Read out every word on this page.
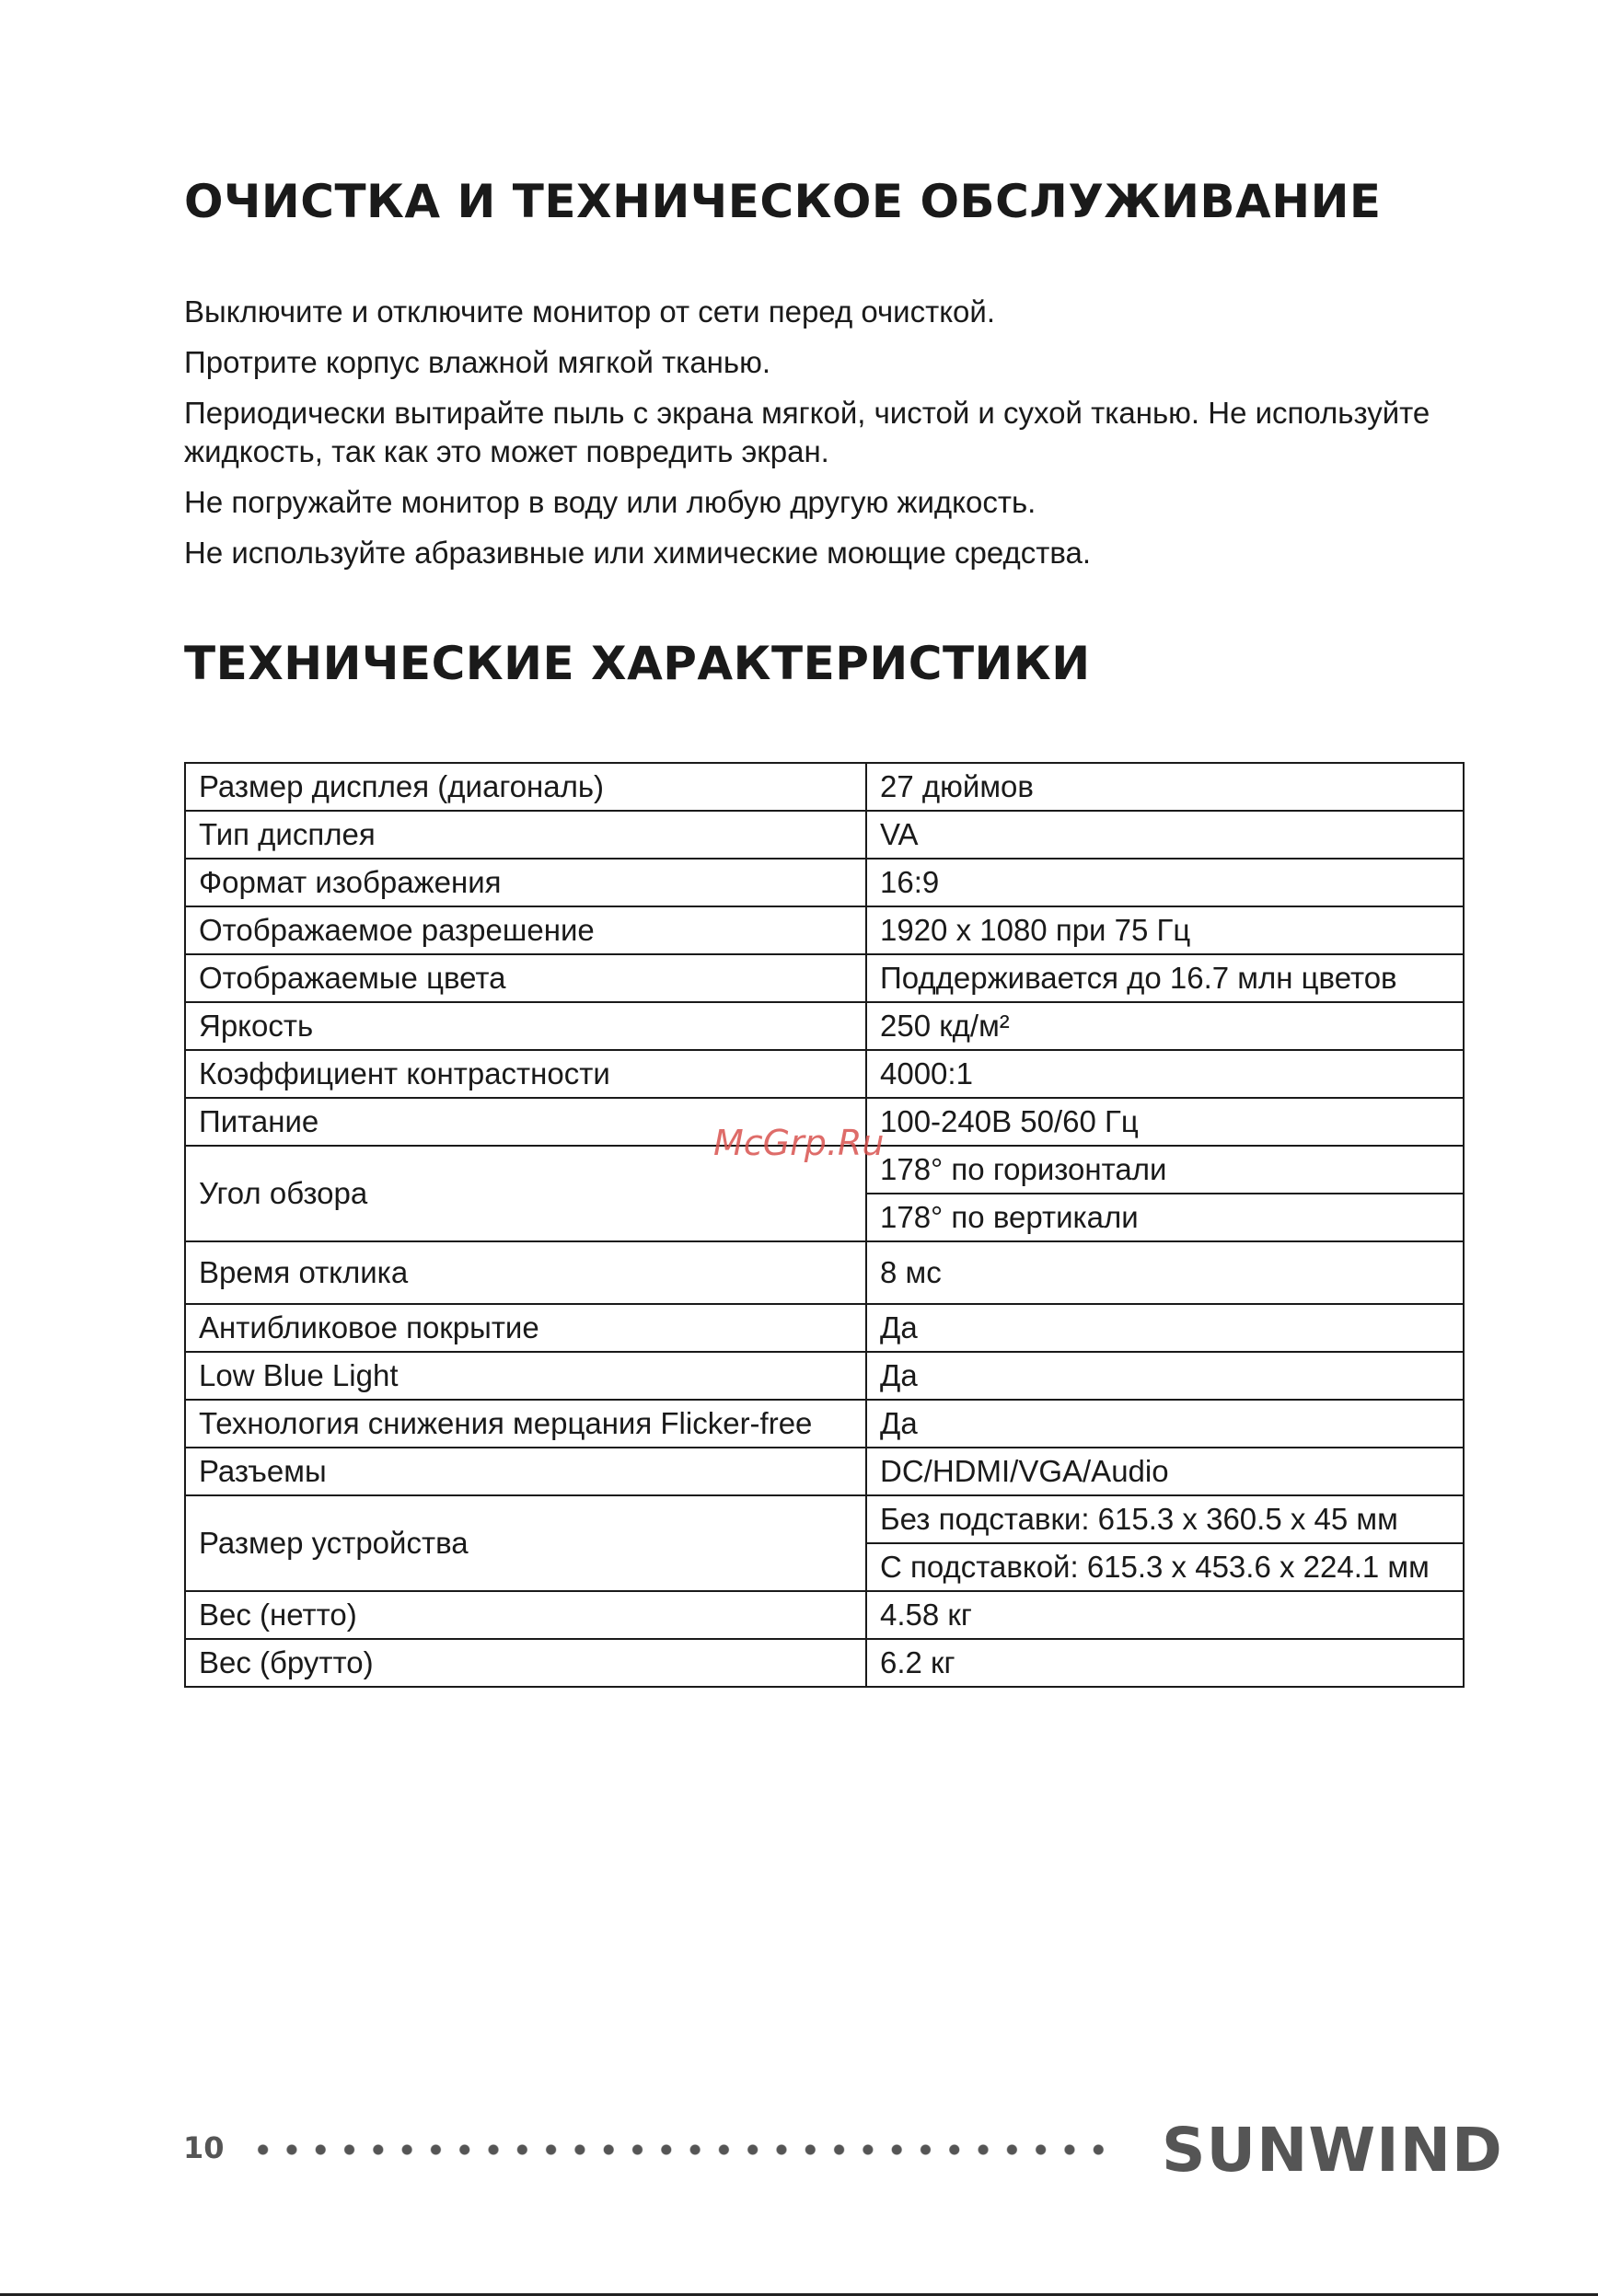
ОЧИСТКА И ТЕХНИЧЕСКОЕ ОБСЛУЖИВАНИЕ

Выключите и отключите монитор от сети перед очисткой.

Протрите корпус влажной мягкой тканью.

Периодически вытирайте пыль с экрана мягкой, чистой и сухой тканью. Не используйте жидкость, так как это может повредить экран.

Не погружайте монитор в воду или любую другую жидкость.

Не используйте абразивные или химические моющие средства.

ТЕХНИЧЕСКИЕ ХАРАКТЕРИСТИКИ
Размер дисплея (диагональ)	27 дюймов
Тип дисплея	VA
Формат изображения	16:9
Отображаемое разрешение	1920 x 1080 при 75 Гц
Отображаемые цвета	Поддерживается до 16.7 млн цветов
Яркость	250 кд/м²
Коэффициент контрастности	4000:1
Питание	100-240В 50/60 Гц
Угол обзора	178° по горизонтали
	178° по вертикали
Время отклика	8 мс
Антибликовое покрытие	Да
Low Blue Light	Да
Технология снижения мерцания Flicker-free	Да
Разъемы	DC/HDMI/VGA/Audio
Размер устройства	Без подставки: 615.3 x 360.5 x 45 мм
	С подставкой: 615.3 x 453.6 x 224.1 мм
Вес (нетто)	4.58 кг
Вес (брутто)	6.2 кг
McGrp.Ru
10	SUNWIND
